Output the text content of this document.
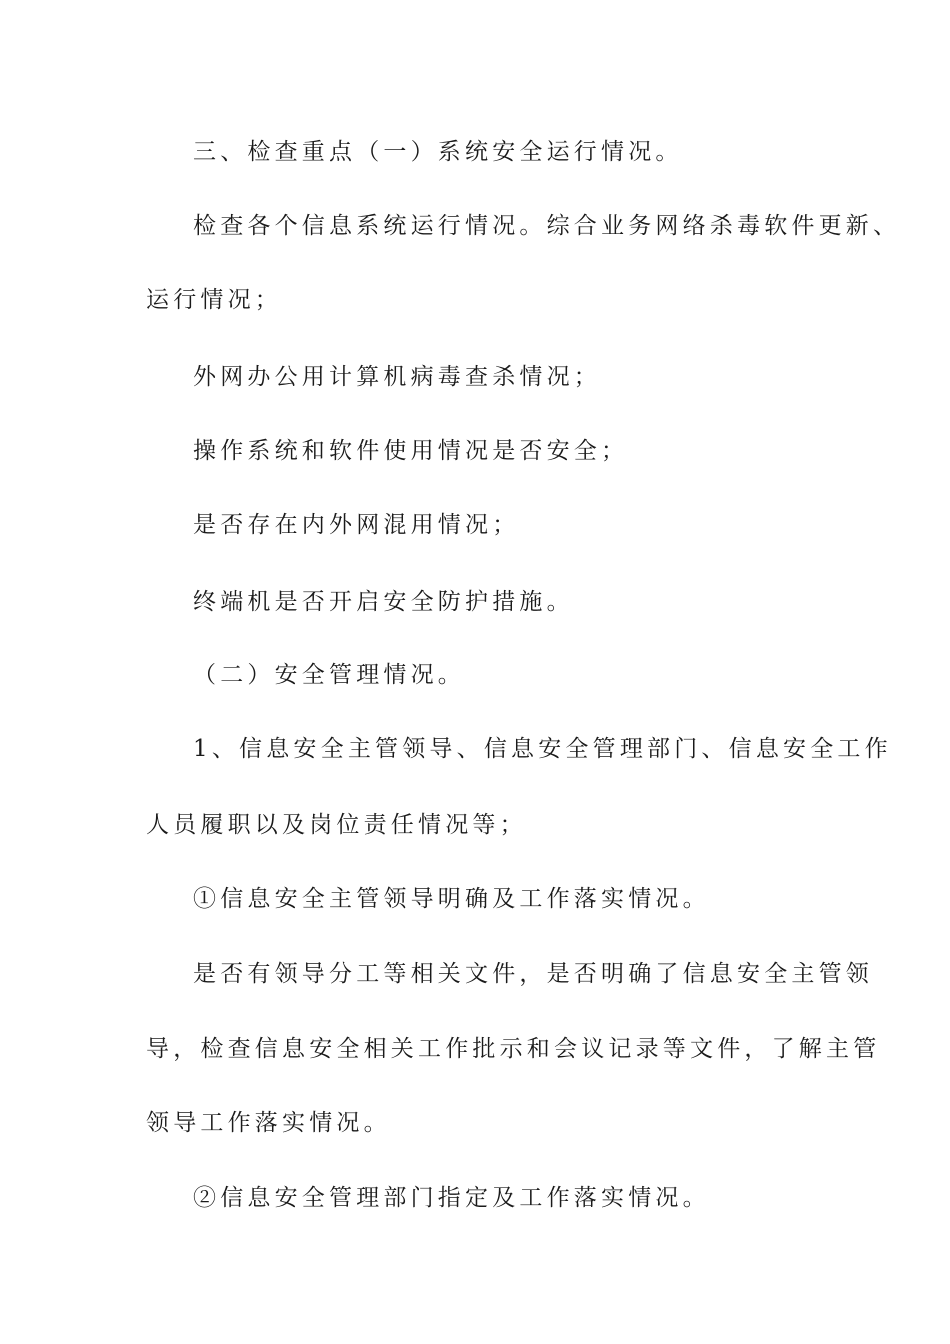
三、检查重点（一）系统安全运行情况。

检查各个信息系统运行情况。综合业务网络杀毒软件更新、

运行情况；

外网办公用计算机病毒查杀情况；

操作系统和软件使用情况是否安全；

是否存在内外网混用情况；

终端机是否开启安全防护措施。

（二）安全管理情况。

1、信息安全主管领导、信息安全管理部门、信息安全工作

人员履职以及岗位责任情况等；

①信息安全主管领导明确及工作落实情况。

是否有领导分工等相关文件，是否明确了信息安全主管领

导，检查信息安全相关工作批示和会议记录等文件，了解主管

领导工作落实情况。

②信息安全管理部门指定及工作落实情况。
